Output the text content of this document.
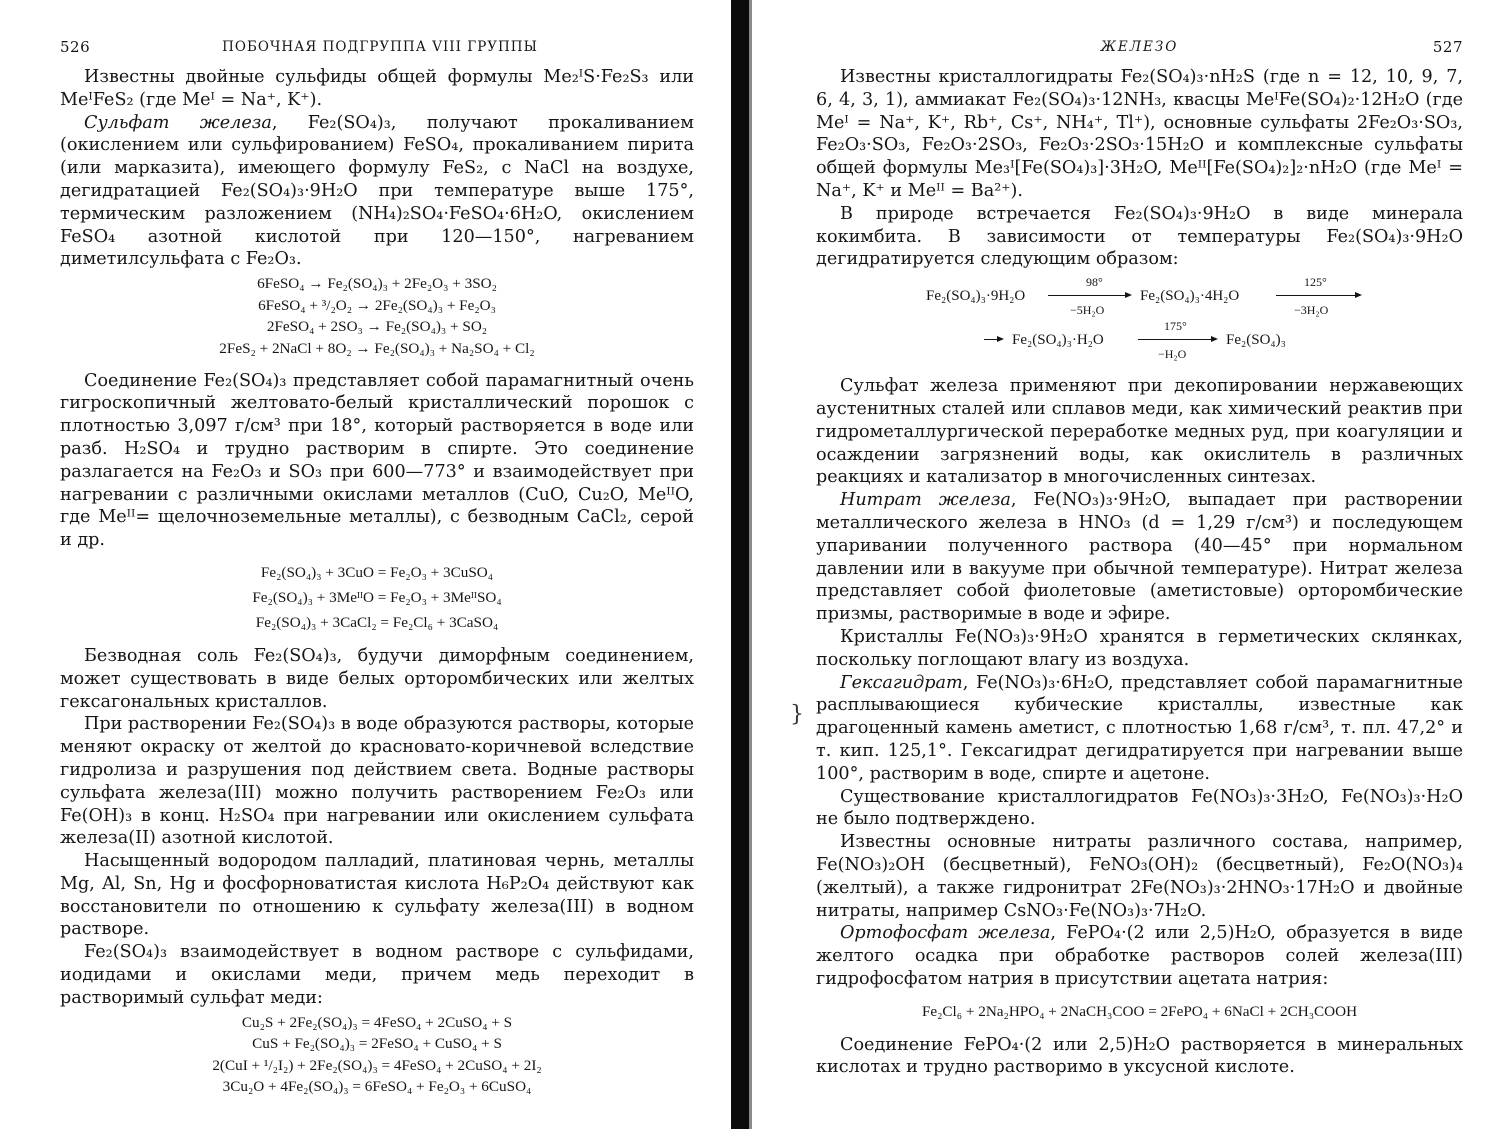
526	ПОБОЧНАЯ ПОДГРУППА VIII ГРУППЫ

Известны двойные сульфиды общей формулы Me₂ᴵS·Fe₂S₃ или MeᴵFeS₂ (где Meᴵ = Na⁺, K⁺).

Сульфат железа, Fe₂(SO₄)₃, получают прокаливанием (окислением или сульфированием) FeSO₄, прокаливанием пирита (или марказита), имеющего формулу FeS₂, с NaCl на воздухе, дегидратацией Fe₂(SO₄)₃·9H₂O при температуре выше 175°, термическим разложением (NH₄)₂SO₄·FeSO₄·6H₂O, окислением FeSO₄ азотной кислотой при 120—150°, нагреванием диметилсульфата с Fe₂O₃.

6FeSO₄ → Fe₂(SO₄)₃ + 2Fe₂O₃ + 3SO₂

6FeSO₄ + ³/₂O₂ → 2Fe₂(SO₄)₃ + Fe₂O₃

2FeSO₄ + 2SO₃ → Fe₂(SO₄)₃ + SO₂

2FeS₂ + 2NaCl + 8O₂ → Fe₂(SO₄)₃ + Na₂SO₄ + Cl₂

Соединение Fe₂(SO₄)₃ представляет собой парамагнитный очень гигроскопичный желтовато-белый кристаллический порошок с плотностью 3,097 г/см³ при 18°, который растворяется в воде или разб. H₂SO₄ и трудно растворим в спирте. Это соединение разлагается на Fe₂O₃ и SO₃ при 600—773° и взаимодействует при нагревании с различными окислами металлов (CuO, Cu₂O, MeᴵᴵO, где Meᴵᴵ= щелочноземельные металлы), с безводным CaCl₂, серой и др.

Fe₂(SO₄)₃ + 3CuO = Fe₂O₃ + 3CuSO₄

Fe₂(SO₄)₃ + 3MeᴵᴵO = Fe₂O₃ + 3MeᴵᴵSO₄

Fe₂(SO₄)₃ + 3CaCl₂ = Fe₂Cl₆ + 3CaSO₄

Безводная соль Fe₂(SO₄)₃, будучи диморфным соединением, может существовать в виде белых орторомбических или желтых гексагональных кристаллов.

При растворении Fe₂(SO₄)₃ в воде образуются растворы, которые меняют окраску от желтой до красновато-коричневой вследствие гидролиза и разрушения под действием света. Водные растворы сульфата железа(III) можно получить растворением Fe₂O₃ или Fe(OH)₃ в конц. H₂SO₄ при нагревании или окислением сульфата железа(II) азотной кислотой.

Насыщенный водородом палладий, платиновая чернь, металлы Mg, Al, Sn, Hg и фосфорноватистая кислота H₆P₂O₄ действуют как восстановители по отношению к сульфату железа(III) в водном растворе.

Fe₂(SO₄)₃ взаимодействует в водном растворе с сульфидами, иодидами и окислами меди, причем медь переходит в растворимый сульфат меди:

Cu₂S + 2Fe₂(SO₄)₃ = 4FeSO₄ + 2CuSO₄ + S

CuS + Fe₂(SO₄)₃ = 2FeSO₄ + CuSO₄ + S

2(CuI + ¹/₂I₂) + 2Fe₂(SO₄)₃ = 4FeSO₄ + 2CuSO₄ + 2I₂

3Cu₂O + 4Fe₂(SO₄)₃ = 6FeSO₄ + Fe₂O₃ + 6CuSO₄

}
ЖЕЛЕЗО	527

Известны кристаллогидраты Fe₂(SO₄)₃·nH₂S (где n = 12, 10, 9, 7, 6, 4, 3, 1), аммиакат Fe₂(SO₄)₃·12NH₃, квасцы MeᴵFe(SO₄)₂·12H₂O (где Meᴵ = Na⁺, K⁺, Rb⁺, Cs⁺, NH₄⁺, Tl⁺), основные сульфаты 2Fe₂O₃·SO₃, Fe₂O₃·SO₃, Fe₂O₃·2SO₃, Fe₂O₃·2SO₃·15H₂O и комплексные сульфаты общей формулы Me₃ᴵ[Fe(SO₄)₃]·3H₂O, Meᴵᴵ[Fe(SO₄)₂]₂·nH₂O (где Meᴵ = Na⁺, K⁺ и Meᴵᴵ = Ba²⁺).

В природе встречается Fe₂(SO₄)₃·9H₂O в виде минерала кокимбита. В зависимости от температуры Fe₂(SO₄)₃·9H₂O дегидратируется следующим образом:

Fe₂(SO₄)₃·9H₂O
98°
−5H₂O
Fe₂(SO₄)₃·4H₂O
125°
−3H₂O
→ Fe₂(SO₄)₃·H₂O
175°
−H₂O
Fe₂(SO₄)₃

Сульфат железа применяют при декопировании нержавеющих аустенитных сталей или сплавов меди, как химический реактив при гидрометаллургической переработке медных руд, при коагуляции и осаждении загрязнений воды, как окислитель в различных реакциях и катализатор в многочисленных синтезах.

Нитрат железа, Fe(NO₃)₃·9H₂O, выпадает при растворении металлического железа в HNO₃ (d = 1,29 г/см³) и последующем упаривании полученного раствора (40—45° при нормальном давлении или в вакууме при обычной температуре). Нитрат железа представляет собой фиолетовые (аметистовые) орторомбические призмы, растворимые в воде и эфире.

Кристаллы Fe(NO₃)₃·9H₂O хранятся в герметических склянках, поскольку поглощают влагу из воздуха.

Гексагидрат, Fe(NO₃)₃·6H₂O, представляет собой парамагнитные расплывающиеся кубические кристаллы, известные как драгоценный камень аметист, с плотностью 1,68 г/см³, т. пл. 47,2° и т. кип. 125,1°. Гексагидрат дегидратируется при нагревании выше 100°, растворим в воде, спирте и ацетоне.

Существование кристаллогидратов Fe(NO₃)₃·3H₂O, Fe(NO₃)₃·H₂O не было подтверждено.

Известны основные нитраты различного состава, например, Fe(NO₃)₂OH (бесцветный), FeNO₃(OH)₂ (бесцветный), Fe₂O(NO₃)₄ (желтый), а также гидронитрат 2Fe(NO₃)₃·2HNO₃·17H₂O и двойные нитраты, например CsNO₃·Fe(NO₃)₃·7H₂O.

Ортофосфат железа, FePO₄·(2 или 2,5)H₂O, образуется в виде желтого осадка при обработке растворов солей железа(III) гидрофосфатом натрия в присутствии ацетата натрия:

Fe₂Cl₆ + 2Na₂HPO₄ + 2NaCH₃COO = 2FePO₄ + 6NaCl + 2CH₃COOH

Соединение FePO₄·(2 или 2,5)H₂O растворяется в минеральных кислотах и трудно растворимо в уксусной кислоте.
